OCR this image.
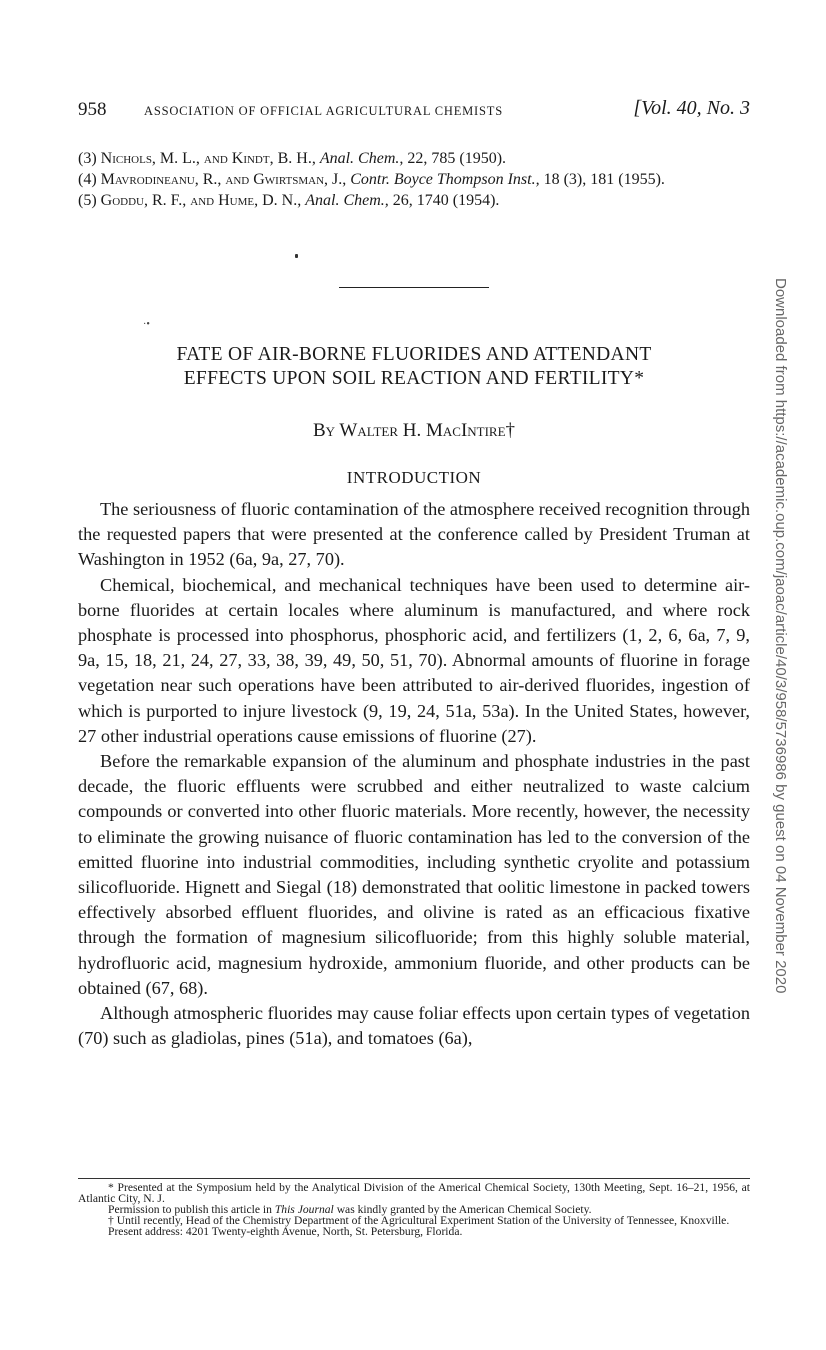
958	ASSOCIATION OF OFFICIAL AGRICULTURAL CHEMISTS	[Vol. 40, No. 3

(3) Nichols, M. L., and Kindt, B. H., Anal. Chem., 22, 785 (1950).

(4) Mavrodineanu, R., and Gwirtsman, J., Contr. Boyce Thompson Inst., 18 (3), 181 (1955).

(5) Goddu, R. F., and Hume, D. N., Anal. Chem., 26, 1740 (1954).

·•
FATE OF AIR-BORNE FLUORIDES AND ATTENDANT
EFFECTS UPON SOIL REACTION AND FERTILITY*

By Walter H. MacIntire†

INTRODUCTION

The seriousness of fluoric contamination of the atmosphere received recognition through the requested papers that were presented at the conference called by President Truman at Washington in 1952 (6a, 9a, 27, 70).

Chemical, biochemical, and mechanical techniques have been used to determine air-borne fluorides at certain locales where aluminum is manufactured, and where rock phosphate is processed into phosphorus, phosphoric acid, and fertilizers (1, 2, 6, 6a, 7, 9, 9a, 15, 18, 21, 24, 27, 33, 38, 39, 49, 50, 51, 70). Abnormal amounts of fluorine in forage vegetation near such operations have been attributed to air-derived fluorides, ingestion of which is purported to injure livestock (9, 19, 24, 51a, 53a). In the United States, however, 27 other industrial operations cause emissions of fluorine (27).

Before the remarkable expansion of the aluminum and phosphate industries in the past decade, the fluoric effluents were scrubbed and either neutralized to waste calcium compounds or converted into other fluoric materials. More recently, however, the necessity to eliminate the growing nuisance of fluoric contamination has led to the conversion of the emitted fluorine into industrial commodities, including synthetic cryolite and potassium silicofluoride. Hignett and Siegal (18) demonstrated that oolitic limestone in packed towers effectively absorbed effluent fluorides, and olivine is rated as an efficacious fixative through the formation of magnesium silicofluoride; from this highly soluble material, hydrofluoric acid, magnesium hydroxide, ammonium fluoride, and other products can be obtained (67, 68).

Although atmospheric fluorides may cause foliar effects upon certain types of vegetation (70) such as gladiolas, pines (51a), and tomatoes (6a),

* Presented at the Symposium held by the Analytical Division of the Americal Chemical Society, 130th Meeting, Sept. 16–21, 1956, at Atlantic City, N. J.

Permission to publish this article in This Journal was kindly granted by the American Chemical Society.

† Until recently, Head of the Chemistry Department of the Agricultural Experiment Station of the University of Tennessee, Knoxville.

Present address: 4201 Twenty-eighth Avenue, North, St. Petersburg, Florida.

Downloaded from https://academic.oup.com/jaoac/article/40/3/958/5736986 by guest on 04 November 2020
